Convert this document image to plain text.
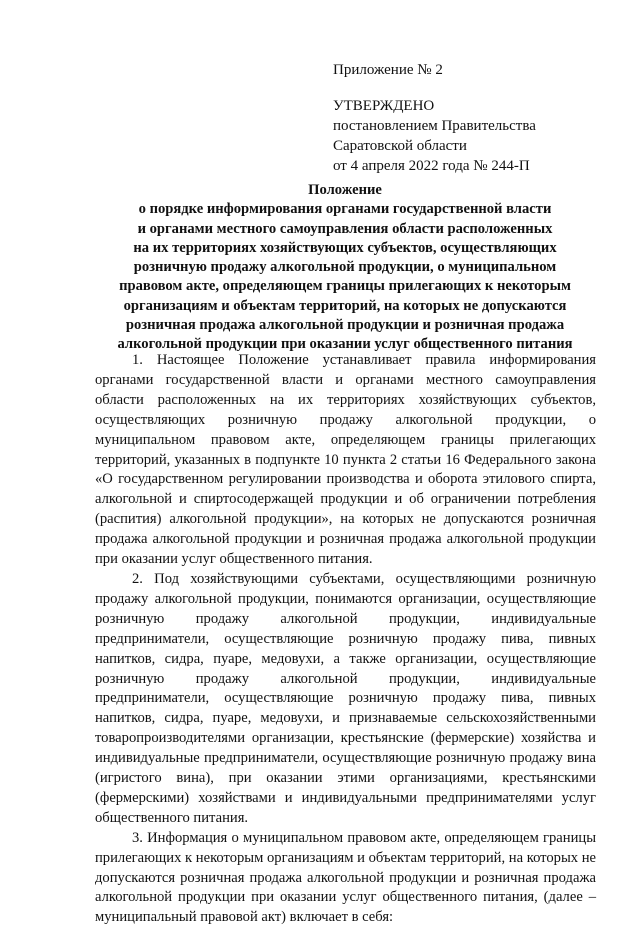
Приложение № 2
УТВЕРЖДЕНО
постановлением Правительства
Саратовской области
от 4 апреля 2022 года № 244-П
Положение
о порядке информирования органами государственной власти
и органами местного самоуправления области расположенных
на их территориях хозяйствующих субъектов, осуществляющих
розничную продажу алкогольной продукции, о муниципальном
правовом акте, определяющем границы прилегающих к некоторым
организациям и объектам территорий, на которых не допускаются
розничная продажа алкогольной продукции и розничная продажа
алкогольной продукции при оказании услуг общественного питания

1. Настоящее Положение устанавливает правила информирования органами государственной власти и органами местного самоуправления области расположенных на их территориях хозяйствующих субъектов, осуществляющих розничную продажу алкогольной продукции, о муниципальном правовом акте, определяющем границы прилегающих территорий, указанных в подпункте 10 пункта 2 статьи 16 Федерального закона «О государственном регулировании производства и оборота этилового спирта, алкогольной и спиртосодержащей продукции и об ограничении потребления (распития) алкогольной продукции», на которых не допускаются розничная продажа алкогольной продукции и розничная продажа алкогольной продукции при оказании услуг общественного питания.

2. Под хозяйствующими субъектами, осуществляющими розничную продажу алкогольной продукции, понимаются организации, осуществляющие розничную продажу алкогольной продукции, индивидуальные предприниматели, осуществляющие розничную продажу пива, пивных напитков, сидра, пуаре, медовухи, а также организации, осуществляющие розничную продажу алкогольной продукции, индивидуальные предприниматели, осуществляющие розничную продажу пива, пивных напитков, сидра, пуаре, медовухи, и признаваемые сельскохозяйственными товаропроизводителями организации, крестьянские (фермерские) хозяйства и индивидуальные предприниматели, осуществляющие розничную продажу вина (игристого вина), при оказании этими организациями, крестьянскими (фермерскими) хозяйствами и индивидуальными предпринимателями услуг общественного питания.

3. Информация о муниципальном правовом акте, определяющем границы прилегающих к некоторым организациям и объектам территорий, на которых не допускаются розничная продажа алкогольной продукции и розничная продажа алкогольной продукции при оказании услуг общественного питания, (далее – муниципальный правовой акт) включает в себя:
